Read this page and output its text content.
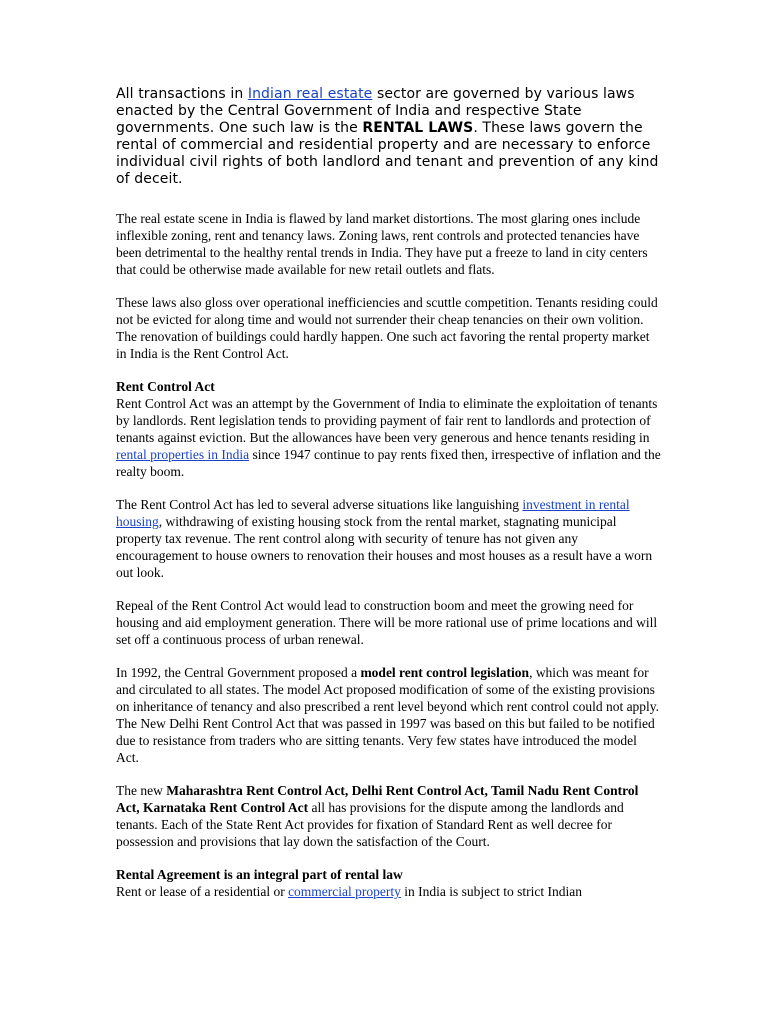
All transactions in Indian real estate sector are governed by various laws enacted by the Central Government of India and respective State governments. One such law is the RENTAL LAWS. These laws govern the rental of commercial and residential property and are necessary to enforce individual civil rights of both landlord and tenant and prevention of any kind of deceit.

The real estate scene in India is flawed by land market distortions. The most glaring ones include inflexible zoning, rent and tenancy laws. Zoning laws, rent controls and protected tenancies have been detrimental to the healthy rental trends in India. They have put a freeze to land in city centers that could be otherwise made available for new retail outlets and flats.

These laws also gloss over operational inefficiencies and scuttle competition. Tenants residing could not be evicted for along time and would not surrender their cheap tenancies on their own volition. The renovation of buildings could hardly happen. One such act favoring the rental property market in India is the Rent Control Act.

Rent Control Act
Rent Control Act was an attempt by the Government of India to eliminate the exploitation of tenants by landlords. Rent legislation tends to providing payment of fair rent to landlords and protection of tenants against eviction. But the allowances have been very generous and hence tenants residing in rental properties in India since 1947 continue to pay rents fixed then, irrespective of inflation and the realty boom.

The Rent Control Act has led to several adverse situations like languishing investment in rental housing, withdrawing of existing housing stock from the rental market, stagnating municipal property tax revenue. The rent control along with security of tenure has not given any encouragement to house owners to renovation their houses and most houses as a result have a worn out look.

Repeal of the Rent Control Act would lead to construction boom and meet the growing need for housing and aid employment generation. There will be more rational use of prime locations and will set off a continuous process of urban renewal.

In 1992, the Central Government proposed a model rent control legislation, which was meant for and circulated to all states. The model Act proposed modification of some of the existing provisions on inheritance of tenancy and also prescribed a rent level beyond which rent control could not apply. The New Delhi Rent Control Act that was passed in 1997 was based on this but failed to be notified due to resistance from traders who are sitting tenants. Very few states have introduced the model Act.

The new Maharashtra Rent Control Act, Delhi Rent Control Act, Tamil Nadu Rent Control Act, Karnataka Rent Control Act all has provisions for the dispute among the landlords and tenants. Each of the State Rent Act provides for fixation of Standard Rent as well decree for possession and provisions that lay down the satisfaction of the Court.

Rental Agreement is an integral part of rental law
Rent or lease of a residential or commercial property in India is subject to strict Indian
